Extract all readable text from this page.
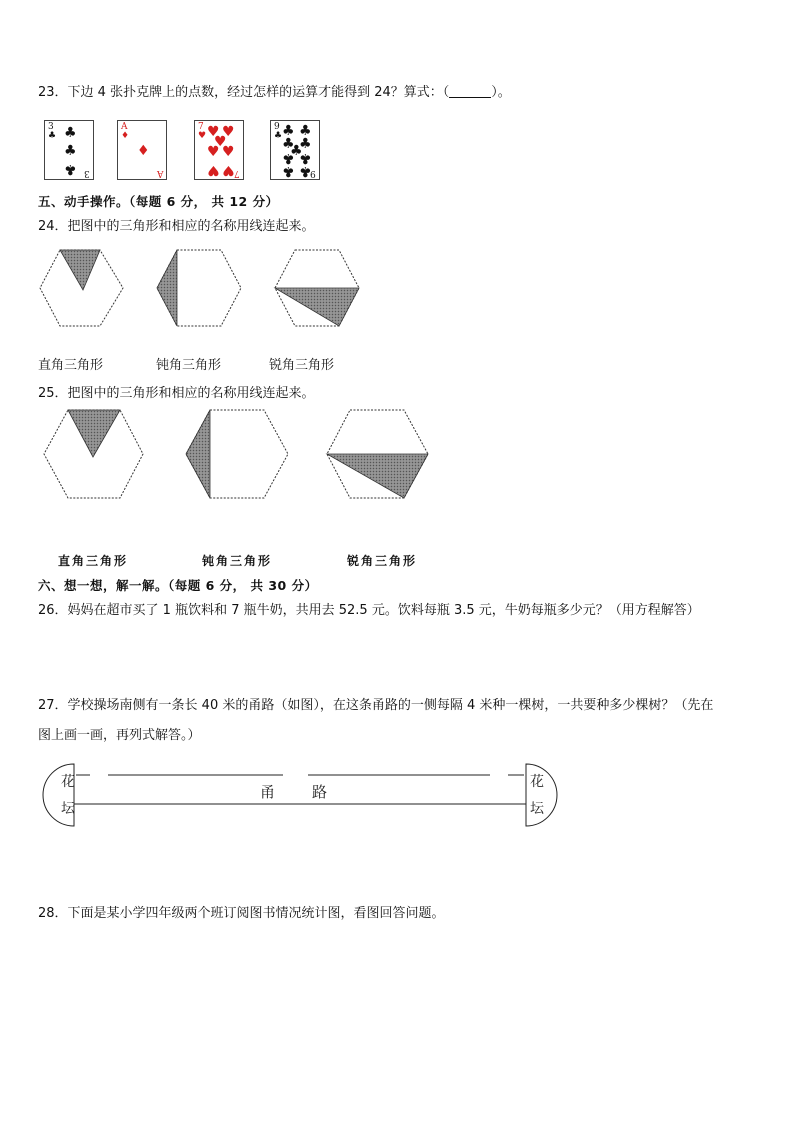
23．下边 4 张扑克牌上的点数，经过怎样的运算才能得到 24？算式：（	）。
3
♣ ♣
♣
♣ 3
A
♦
♦
A
7
♥ ♥ ♥
♥
♥ ♥
♥ ♥ 7
9
♣ ♣ ♣
♣ ♣
♣
♣ ♣
♣ ♣
9
五、动手操作。（每题 6 分， 共 12 分）
24．把图中的三角形和相应的名称用线连起来。
直角三角形	钝角三角形	锐角三角形
25．把图中的三角形和相应的名称用线连起来。
直角三角形	钝角三角形	锐角三角形
六、想一想，解一解。（每题 6 分， 共 30 分）
26．妈妈在超市买了 1 瓶饮料和 7 瓶牛奶，共用去 52.5 元。饮料每瓶 3.5 元，牛奶每瓶多少元？（用方程解答）
27．学校操场南侧有一条长 40 米的甬路（如图），在这条甬路的一侧每隔 4 米种一棵树，一共要种多少棵树？（先在
图上画一画，再列式解答。）
花
坛
花
坛
甬 路
28．下面是某小学四年级两个班订阅图书情况统计图，看图回答问题。
